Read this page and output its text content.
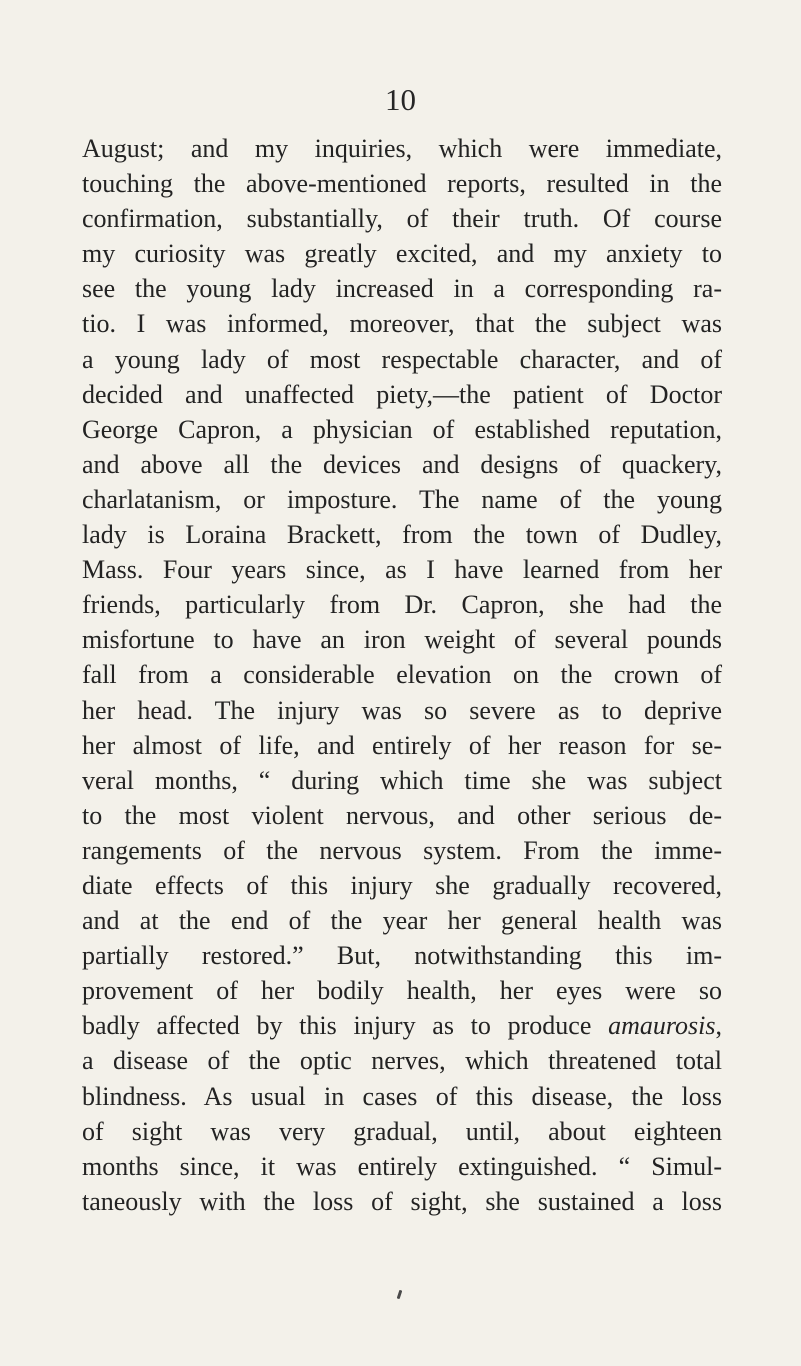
10
August; and my inquiries, which were immediate,
touching the above-mentioned reports, resulted in the
confirmation, substantially, of their truth. Of course
my curiosity was greatly excited, and my anxiety to
see the young lady increased in a corresponding ra-
tio. I was informed, moreover, that the subject was
a young lady of most respectable character, and of
decided and unaffected piety,—the patient of Doctor
George Capron, a physician of established reputation,
and above all the devices and designs of quackery,
charlatanism, or imposture. The name of the young
lady is Loraina Brackett, from the town of Dudley,
Mass. Four years since, as I have learned from her
friends, particularly from Dr. Capron, she had the
misfortune to have an iron weight of several pounds
fall from a considerable elevation on the crown of
her head. The injury was so severe as to deprive
her almost of life, and entirely of her reason for se-
veral months, “ during which time she was subject
to the most violent nervous, and other serious de-
rangements of the nervous system. From the imme-
diate effects of this injury she gradually recovered,
and at the end of the year her general health was
partially restored.” But, notwithstanding this im-
provement of her bodily health, her eyes were so
badly affected by this injury as to produce amaurosis,
a disease of the optic nerves, which threatened total
blindness. As usual in cases of this disease, the loss
of sight was very gradual, until, about eighteen
months since, it was entirely extinguished. “ Simul-
taneously with the loss of sight, she sustained a loss
